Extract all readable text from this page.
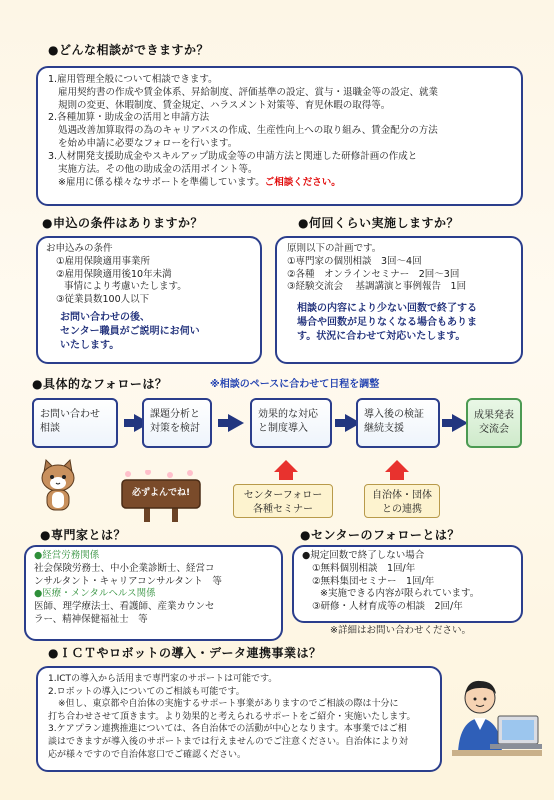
●どんな相談ができますか？

1.雇用管理全般について相談できます。

雇用契約書の作成や賃金体系、昇給制度、評価基準の設定、賞与・退職金等の設定、就業

規則の変更、休暇制度、賃金規定、ハラスメント対策等、育児休暇の取得等。

2.各種加算・助成金の活用と申請方法

処遇改善加算取得の為のキャリアパスの作成、生産性向上への取り組み、賃金配分の方法

を始め申請に必要なフォローを行います。

3.人材開発支援助成金やスキルアップ助成金等の申請方法と関連した研修計画の作成と

実施方法。その他の助成金の活用ポイント等。

※雇用に係る様々なサポートを準備しています。ご相談ください。

●申込の条件はありますか？

お申込みの条件

①雇用保険適用事業所

②雇用保険適用後10年未満

事情により考慮いたします。

③従業員数100人以下

お問い合わせの後、

センター職員がご説明にお伺い

いたします。

●何回くらい実施しますか？

原則以下の計画です。

①専門家の個別相談　3回～4回

②各種　オンラインセミナー　2回～3回

③経験交流会　 基調講演と事例報告　1回

相談の内容により少ない回数で終了する

場合や回数が足りなくなる場合もありま

す。状況に合わせて対応いたします。

●具体的なフォローは？	※相談のペースに合わせて日程を調整

お問い合わせ

相談

課題分析と

対策を検討

効果的な対応

と制度導入

導入後の検証

継続支援

成果発表

交流会

必ずよんでね!	センターフォロー

各種セミナー

自治体・団体

との連携

●専門家とは？

●経営労務関係

社会保険労務士、中小企業診断士、経営コ

ンサルタント・キャリアコンサルタント　等

●医療・メンタルヘルス関係

医師、理学療法士、看護師、産業カウンセ

ラー、精神保健福祉士　等

●センターのフォローとは？

●規定回数で終了しない場合

①無料個別相談　1回/年

②無料集団セミナー　1回/年

※実施できる内容が限られています。

③研修・人材育成等の相談　2回/年

※詳細はお問い合わせください。
●ＩＣＴやロボットの導入・データ連携事業は？

1.ICTの導入から活用まで専門家のサポートは可能です。

2.ロボットの導入についてのご相談も可能です。

※但し、東京都や自治体の実施するサポート事業がありますのでご相談の際は十分に

打ち合わせさせて頂きます。より効果的と考えられるサポートをご紹介・実施いたします。

3.ケアプラン連携推進については、各自治体での活動が中心となります。本事業ではご相

談はできますが導入後のサポートまでは行えませんのでご注意ください。自治体により対

応が様々ですので自治体窓口でご確認ください。
